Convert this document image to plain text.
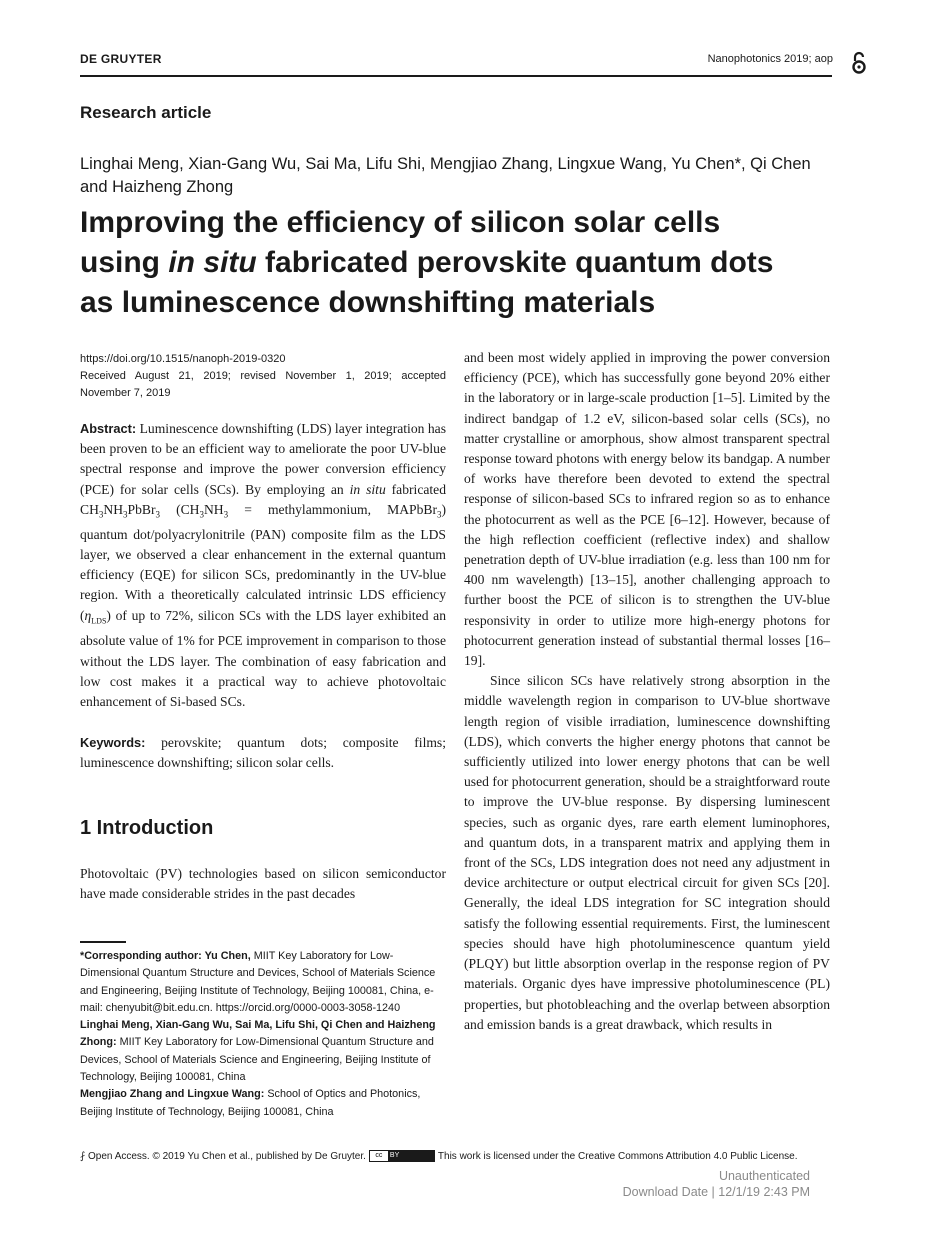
DE GRUYTER	Nanophotonics 2019; aop
Research article
Linghai Meng, Xian-Gang Wu, Sai Ma, Lifu Shi, Mengjiao Zhang, Lingxue Wang, Yu Chen*, Qi Chen and Haizheng Zhong
Improving the efficiency of silicon solar cells
using in situ fabricated perovskite quantum dots
as luminescence downshifting materials
https://doi.org/10.1515/nanoph-2019-0320
Received August 21, 2019; revised November 1, 2019; accepted November 7, 2019

Abstract: Luminescence downshifting (LDS) layer integration has been proven to be an efficient way to ameliorate the poor UV-blue spectral response and improve the power conversion efficiency (PCE) for solar cells (SCs). By employing an in situ fabricated $CH_3NH_3PbBr_3$ ($CH_3NH_3$ = methylammonium, MAPbBr$_3$) quantum dot/polyacrylonitrile (PAN) composite film as the LDS layer, we observed a clear enhancement in the external quantum efficiency (EQE) for silicon SCs, predominantly in the UV-blue region. With a theoretically calculated intrinsic LDS efficiency $(\eta_{LDS})$ of up to 72%, silicon SCs with the LDS layer exhibited an absolute value of 1% for PCE improvement in comparison to those without the LDS layer. The combination of easy fabrication and low cost makes it a practical way to achieve photovoltaic enhancement of Si-based SCs.

Keywords: perovskite; quantum dots; composite films; luminescence downshifting; silicon solar cells.

1 Introduction

Photovoltaic (PV) technologies based on silicon semiconductor have made considerable strides in the past decades

*Corresponding author: Yu Chen, MIIT Key Laboratory for Low-Dimensional Quantum Structure and Devices, School of Materials Science and Engineering, Beijing Institute of Technology, Beijing 100081, China, e-mail: chenyubit@bit.edu.cn. https://orcid.org/0000-0003-3058-1240

Linghai Meng, Xian-Gang Wu, Sai Ma, Lifu Shi, Qi Chen and Haizheng Zhong: MIIT Key Laboratory for Low-Dimensional Quantum Structure and Devices, School of Materials Science and Engineering, Beijing Institute of Technology, Beijing 100081, China

Mengjiao Zhang and Lingxue Wang: School of Optics and Photonics, Beijing Institute of Technology, Beijing 100081, China

and been most widely applied in improving the power conversion efficiency (PCE), which has successfully gone beyond 20% either in the laboratory or in large-scale production [1–5]. Limited by the indirect bandgap of 1.2 eV, silicon-based solar cells (SCs), no matter crystalline or amorphous, show almost transparent spectral response toward photons with energy below its bandgap. A number of works have therefore been devoted to extend the spectral response of silicon-based SCs to infrared region so as to enhance the photocurrent as well as the PCE [6–12]. However, because of the high reflection coefficient (reflective index) and shallow penetration depth of UV-blue irradiation (e.g. less than 100 nm for 400 nm wavelength) [13–15], another challenging approach to further boost the PCE of silicon is to strengthen the UV-blue responsivity in order to utilize more high-energy photons for photocurrent generation instead of substantial thermal losses [16–19].

Since silicon SCs have relatively strong absorption in the middle wavelength region in comparison to UV-blue shortwave length region of visible irradiation, luminescence downshifting (LDS), which converts the higher energy photons that cannot be sufficiently utilized into lower energy photons that can be well used for photocurrent generation, should be a straightforward route to improve the UV-blue response. By dispersing luminescent species, such as organic dyes, rare earth element luminophores, and quantum dots, in a transparent matrix and applying them in front of the SCs, LDS integration does not need any adjustment in device architecture or output electrical circuit for given SCs [20]. Generally, the ideal LDS integration for SC integration should satisfy the following essential requirements. First, the luminescent species should have high photoluminescence quantum yield (PLQY) but little absorption overlap in the response region of PV materials. Organic dyes have impressive photoluminescence (PL) properties, but photobleaching and the overlap between absorption and emission bands is a great drawback, which results in

⨏ Open Access. © 2019 Yu Chen et al., published by De Gruyter.	cc	BY	This work is licensed under the Creative Commons Attribution 4.0 Public License.
Unauthenticated
Download Date | 12/1/19 2:43 PM
